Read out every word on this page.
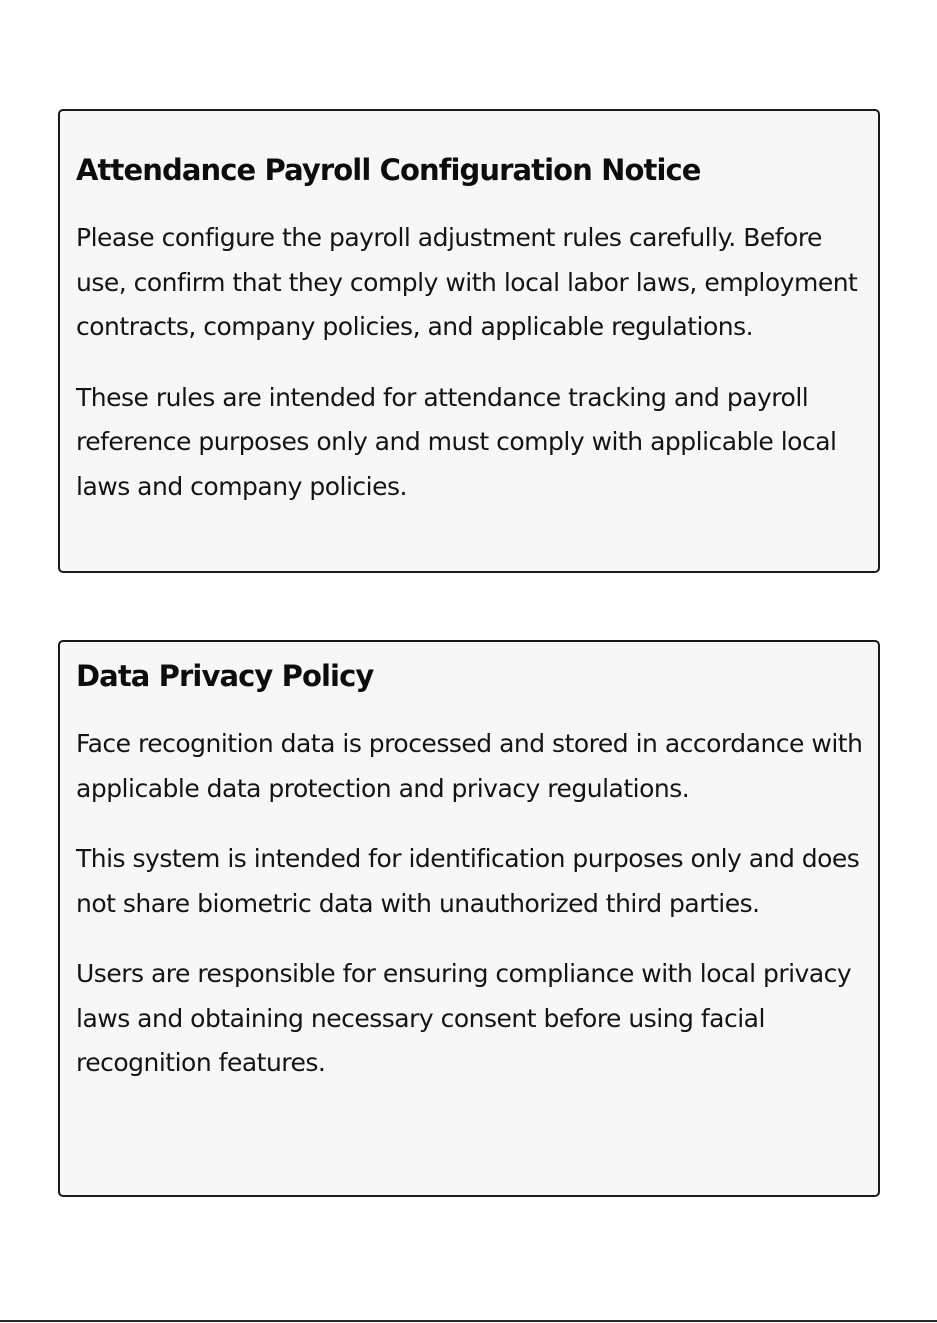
Attendance Payroll Configuration Notice

Please configure the payroll adjustment rules carefully. Before use, confirm that they comply with local labor laws, employment contracts, company policies, and applicable regulations.

These rules are intended for attendance tracking and payroll reference purposes only and must comply with applicable local laws and company policies.

Data Privacy Policy

Face recognition data is processed and stored in accordance with applicable data protection and privacy regulations.

This system is intended for identification purposes only and does not share biometric data with unauthorized third parties.

Users are responsible for ensuring compliance with local privacy laws and obtaining necessary consent before using facial recognition features.
